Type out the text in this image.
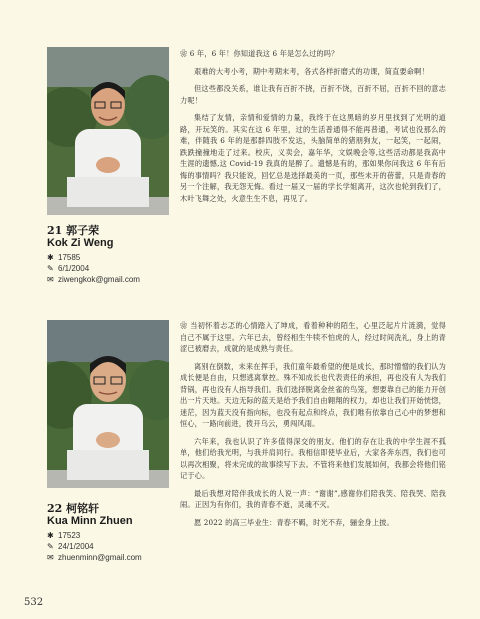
21 郭子荣
Kok Zi Weng
✱ 17585
✎ 6/1/2004
✉ ziwengkok@gmail.com

❀ 6 年，6 年！你知道我这 6 年是怎么过的吗？

艰难的大考小考，期中考期末考，各式各样折磨式的功课，简直要命啊！

但这些都没关系，谁让我有百折不挠，百折不饶，百折不屈，百折不回的意志力呢！

集结了友情，亲情和爱情的力量，我终于在这黑暗的岁月里找到了光明的道路，开玩笑的。其实在这 6 年里，过的生活普通得不能再普通，考试也没那么的难，伴随我 6 年的是那群四肢不发达，头脑简单的猪朋狗友，一起笑，一起闹，跌跌撞撞地走了过来。校庆，义卖会，嘉年华，文娱晚会等,这些活动都是我高中生涯的遗憾,这 Covid-19 我真的是醉了。遗憾是有的，那如果你问我这 6 年有后悔的事情吗？我只能说，回忆总是选择最美的一页，那些未开的蓓蕾，只是青春的另一个注解，我无怨无悔。看过一届又一届的学长学姐离开，这次也轮到我们了，木叶飞舞之处，火意生生不息，再见了。

22 柯铭轩
Kua Minn Zhuen
✱ 17523
✎ 24/1/2004
✉ zhuenminn@gmail.com

❀ 当初怀着忐忑的心情踏入了坤成，看着种种的陌生，心里泛起片片涟漪，觉得自己不属于这里。六年已去，曾经相生牛犊不怕虎的人，经过时间洗礼，身上的青涩已被磨去，成就的是成熟与责任。

离别在倒数，未来在挥手，我们童年最希望的便是成长，那时憎憎的我们认为成长便是自由，只想逃离掌控。殊不知成长也代表责任的承担，再也没有人为我们背锅，再也没有人指导我们。我们选择脱离金丝雀的鸟笼，想要靠自己的能力开创出一片天地。天边无际的蓝天是给予我们自由翱翔的权力，却也让我们开始恍惚，迷茫，因为蓝天没有指向标，也没有起点和终点，我们唯有依靠自己心中的梦想和恒心，一路向前进，拨开乌云，勇闯风雨。

六年来，我也认识了许多值得深交的朋友。他们的存在让我的中学生涯不孤单，他们给我光明，与我并肩同行。我相信即使毕业后，大家各奔东西，我们也可以再次相聚，将未完成的故事续写下去。不管将来他们发展如何，我都会将他们铭记于心。

最后我想对陪伴我成长的人说一声：“谢谢”,感谢你们陪我笑、陪我哭、陪我闹。正因为有你们，我的青春不逝，灵魂不灭。

愿 2022 的高三毕业生：青春不羁，时光不弃，骊金身上披。

532
